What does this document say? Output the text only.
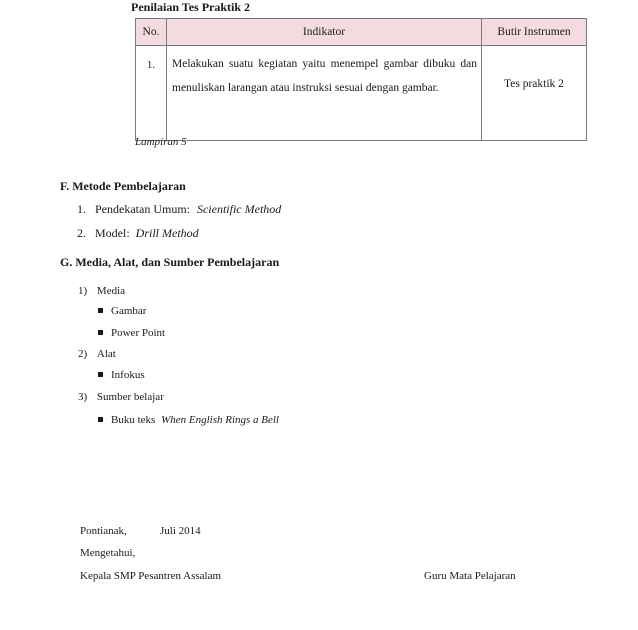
Penilaian Tes Praktik 2
No.	Indikator	Butir Instrumen
1.	Melakukan suatu kegiatan yaitu menempel gambar dibuku dan menuliskan larangan atau instruksi sesuai dengan gambar.	Tes praktik 2
Lampiran 5
F. Metode Pembelajaran
1. Pendekatan Umum: Scientific Method
2. Model: Drill Method
G. Media, Alat, dan Sumber Pembelajaran
1) Media
Gambar
Power Point
2) Alat
Infokus
3) Sumber belajar
Buku teks When English Rings a Bell
Pontianak,	Juli 2014
Mengetahui,
Kepala SMP Pesantren Assalam	Guru Mata Pelajaran
